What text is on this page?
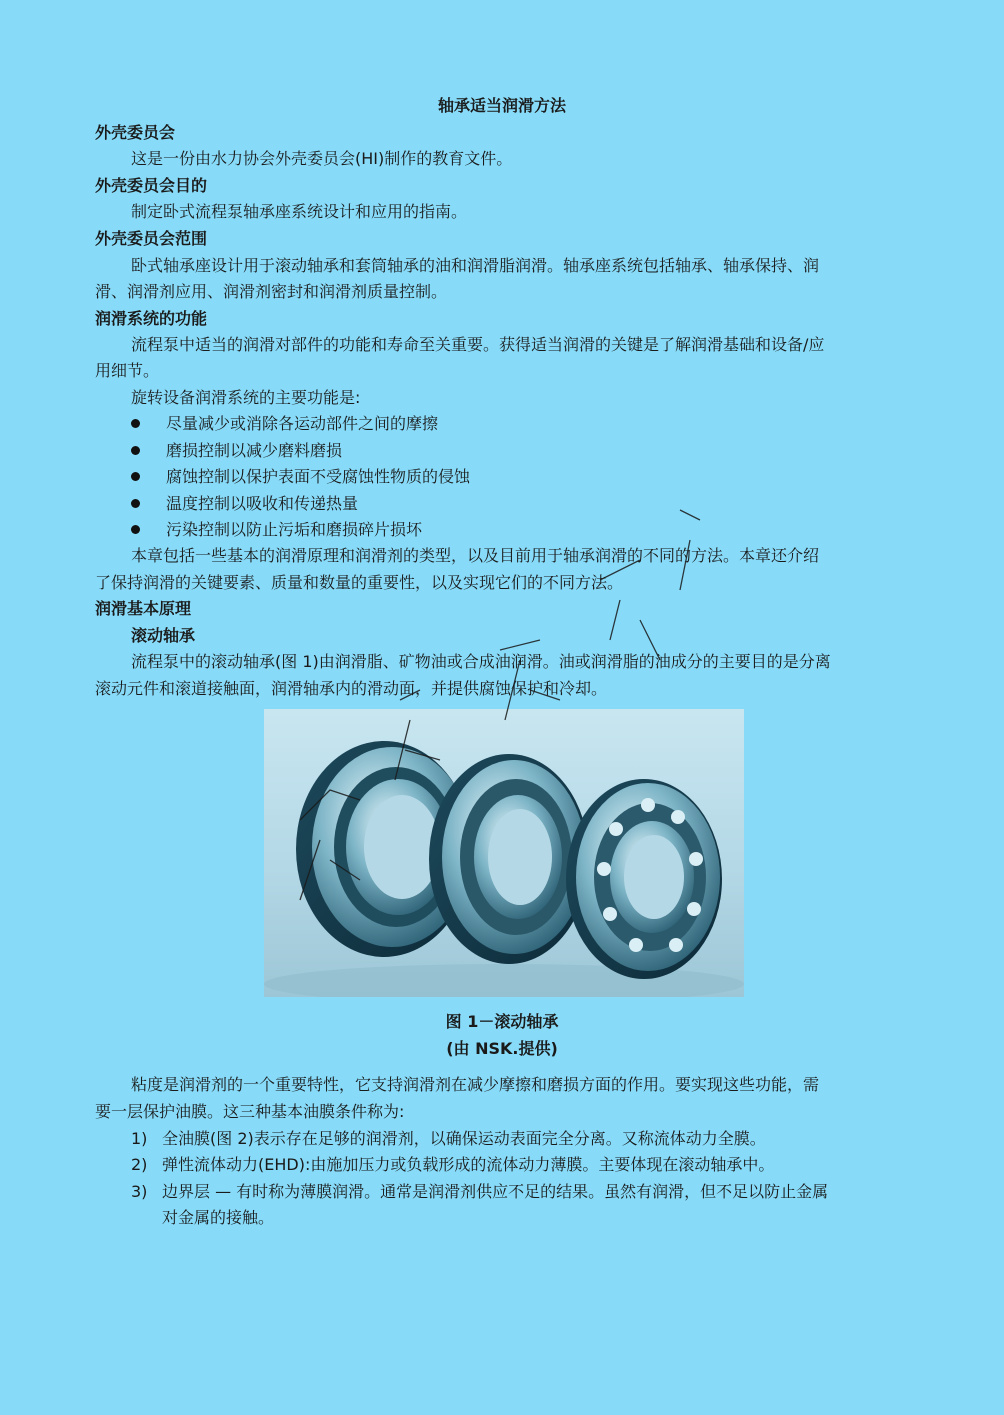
轴承适当润滑方法
外壳委员会
这是一份由水力协会外壳委员会(HI)制作的教育文件。
外壳委员会目的
制定卧式流程泵轴承座系统设计和应用的指南。
外壳委员会范围
卧式轴承座设计用于滚动轴承和套筒轴承的油和润滑脂润滑。轴承座系统包括轴承、轴承保持、润
滑、润滑剂应用、润滑剂密封和润滑剂质量控制。
润滑系统的功能
流程泵中适当的润滑对部件的功能和寿命至关重要。获得适当润滑的关键是了解润滑基础和设备/应
用细节。
旋转设备润滑系统的主要功能是:
尽量减少或消除各运动部件之间的摩擦
磨损控制以减少磨料磨损
腐蚀控制以保护表面不受腐蚀性物质的侵蚀
温度控制以吸收和传递热量
污染控制以防止污垢和磨损碎片损坏
本章包括一些基本的润滑原理和润滑剂的类型，以及目前用于轴承润滑的不同的方法。本章还介绍
了保持润滑的关键要素、质量和数量的重要性，以及实现它们的不同方法。
润滑基本原理
滚动轴承
流程泵中的滚动轴承(图 1)由润滑脂、矿物油或合成油润滑。油或润滑脂的油成分的主要目的是分离
滚动元件和滚道接触面，润滑轴承内的滑动面，并提供腐蚀保护和冷却。
图 1－滚动轴承
(由 NSK.提供)
粘度是润滑剂的一个重要特性，它支持润滑剂在减少摩擦和磨损方面的作用。要实现这些功能，需
要一层保护油膜。这三种基本油膜条件称为:
1) 全油膜(图 2)表示存在足够的润滑剂，以确保运动表面完全分离。又称流体动力全膜。
2) 弹性流体动力(EHD):由施加压力或负载形成的流体动力薄膜。主要体现在滚动轴承中。
3) 边界层 — 有时称为薄膜润滑。通常是润滑剂供应不足的结果。虽然有润滑，但不足以防止金属
对金属的接触。
